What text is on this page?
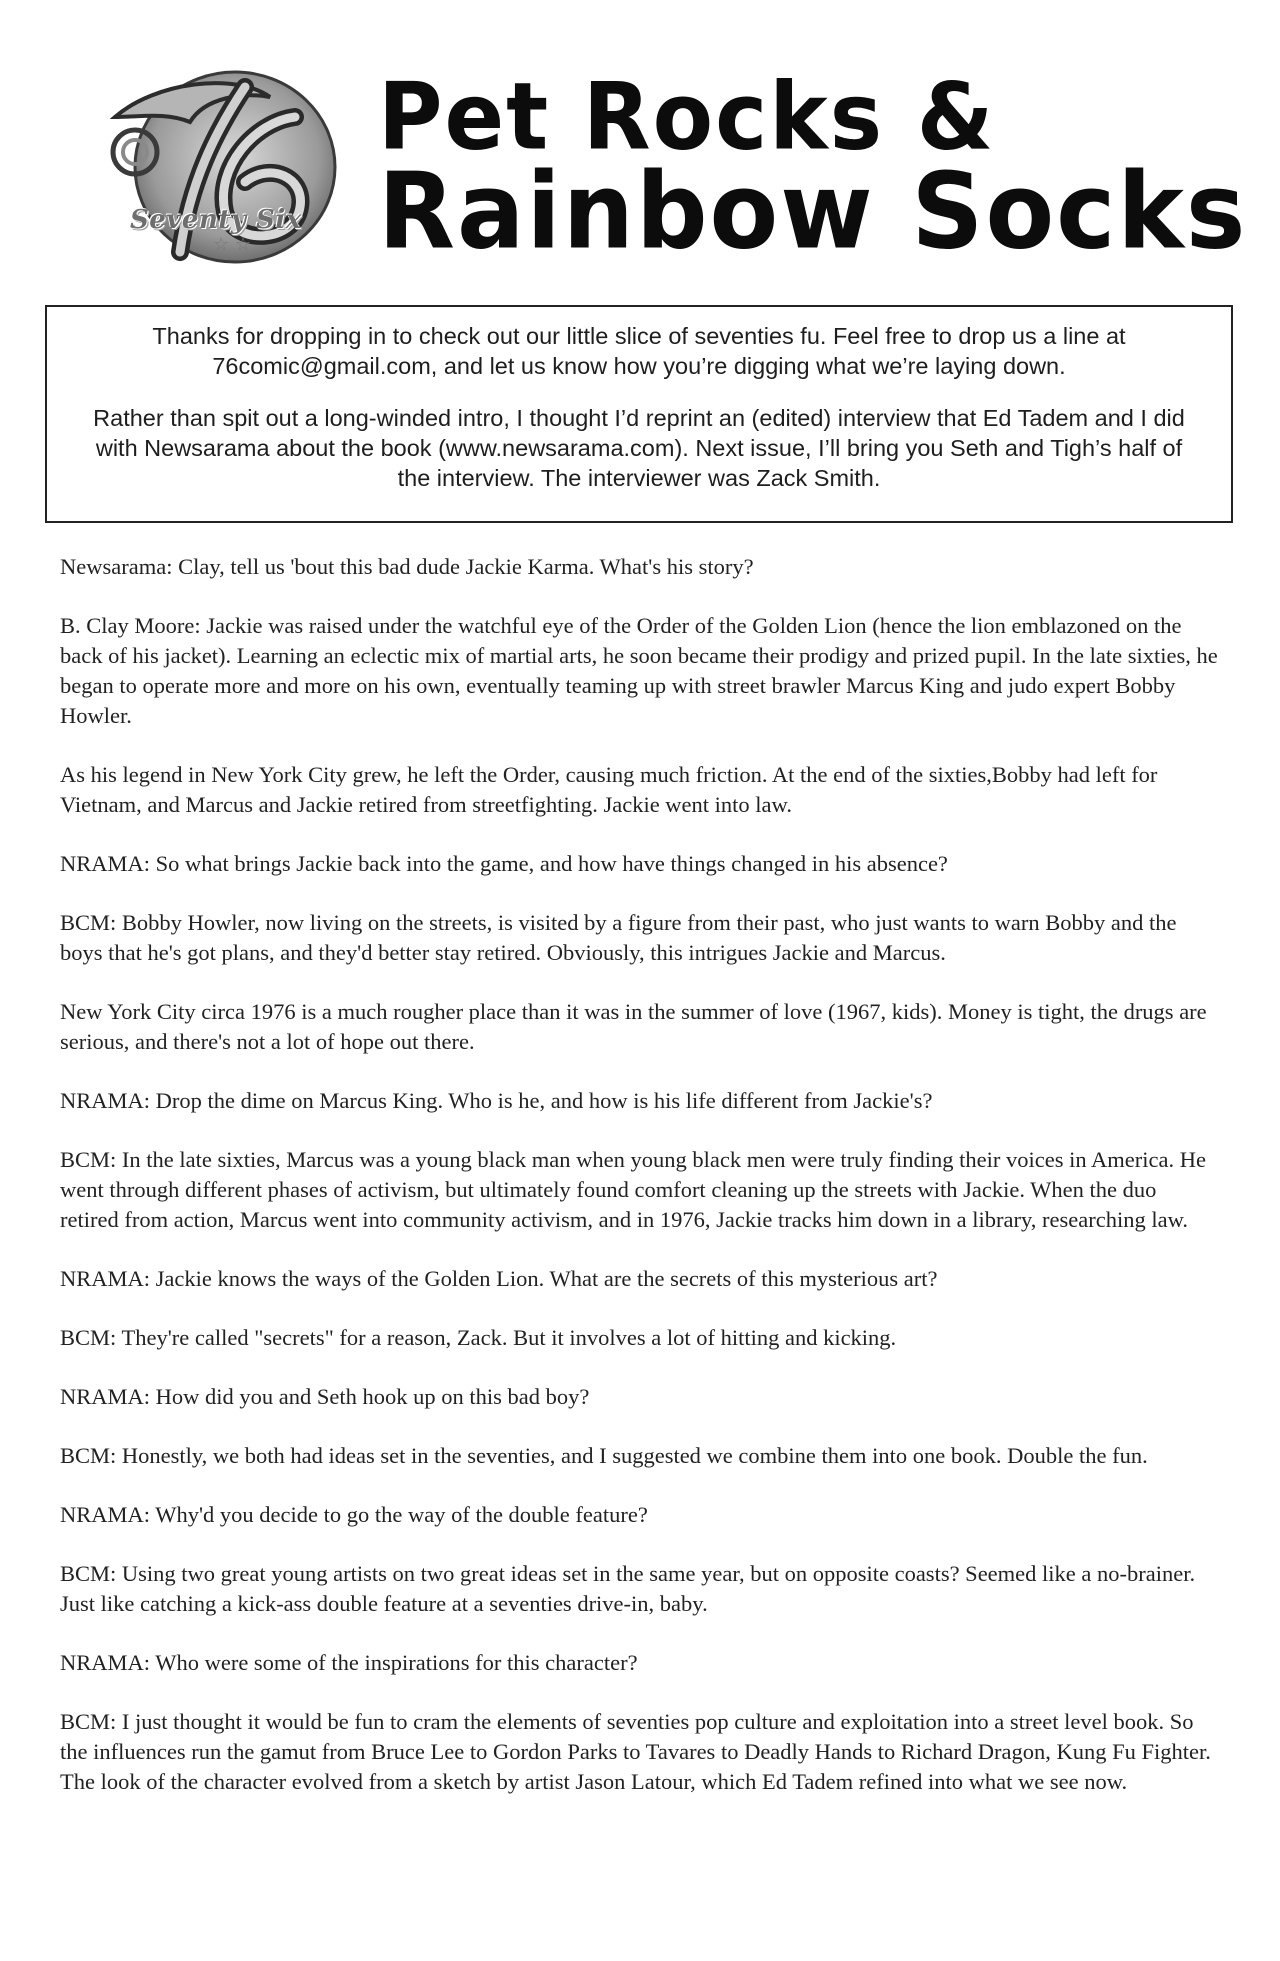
☆ ☆
Seventy Six
Pet Rocks &
Rainbow Socks

Thanks for dropping in to check out our little slice of seventies fu. Feel free to drop us a line at 76comic@gmail.com, and let us know how you’re digging what we’re laying down.

Rather than spit out a long-winded intro, I thought I’d reprint an (edited) interview that Ed Tadem and I did with Newsarama about the book (www.newsarama.com). Next issue, I’ll bring you Seth and Tigh’s half of the interview. The interviewer was Zack Smith.

Newsarama: Clay, tell us 'bout this bad dude Jackie Karma. What's his story?

B. Clay Moore: Jackie was raised under the watchful eye of the Order of the Golden Lion (hence the lion emblazoned on the back of his jacket). Learning an eclectic mix of martial arts, he soon became their prodigy and prized pupil. In the late sixties, he began to operate more and more on his own, eventually teaming up with street brawler Marcus King and judo expert Bobby Howler.

As his legend in New York City grew, he left the Order, causing much friction. At the end of the sixties,Bobby had left for Vietnam, and Marcus and Jackie retired from streetfighting. Jackie went into law.

NRAMA: So what brings Jackie back into the game, and how have things changed in his absence?

BCM: Bobby Howler, now living on the streets, is visited by a figure from their past, who just wants to warn Bobby and the boys that he's got plans, and they'd better stay retired. Obviously, this intrigues Jackie and Marcus.

New York City circa 1976 is a much rougher place than it was in the summer of love (1967, kids). Money is tight, the drugs are serious, and there's not a lot of hope out there.

NRAMA: Drop the dime on Marcus King. Who is he, and how is his life different from Jackie's?

BCM: In the late sixties, Marcus was a young black man when young black men were truly finding their voices in America. He went through different phases of activism, but ultimately found comfort cleaning up the streets with Jackie. When the duo retired from action, Marcus went into community activism, and in 1976, Jackie tracks him down in a library, researching law.

NRAMA: Jackie knows the ways of the Golden Lion. What are the secrets of this mysterious art?

BCM: They're called "secrets" for a reason, Zack. But it involves a lot of hitting and kicking.

NRAMA: How did you and Seth hook up on this bad boy?

BCM: Honestly, we both had ideas set in the seventies, and I suggested we combine them into one book. Double the fun.

NRAMA: Why'd you decide to go the way of the double feature?

BCM: Using two great young artists on two great ideas set in the same year, but on opposite coasts? Seemed like a no-brainer. Just like catching a kick-ass double feature at a seventies drive-in, baby.

NRAMA: Who were some of the inspirations for this character?

BCM: I just thought it would be fun to cram the elements of seventies pop culture and exploitation into a street level book. So the influences run the gamut from Bruce Lee to Gordon Parks to Tavares to Deadly Hands to Richard Dragon, Kung Fu Fighter. The look of the character evolved from a sketch by artist Jason Latour, which Ed Tadem refined into what we see now.
